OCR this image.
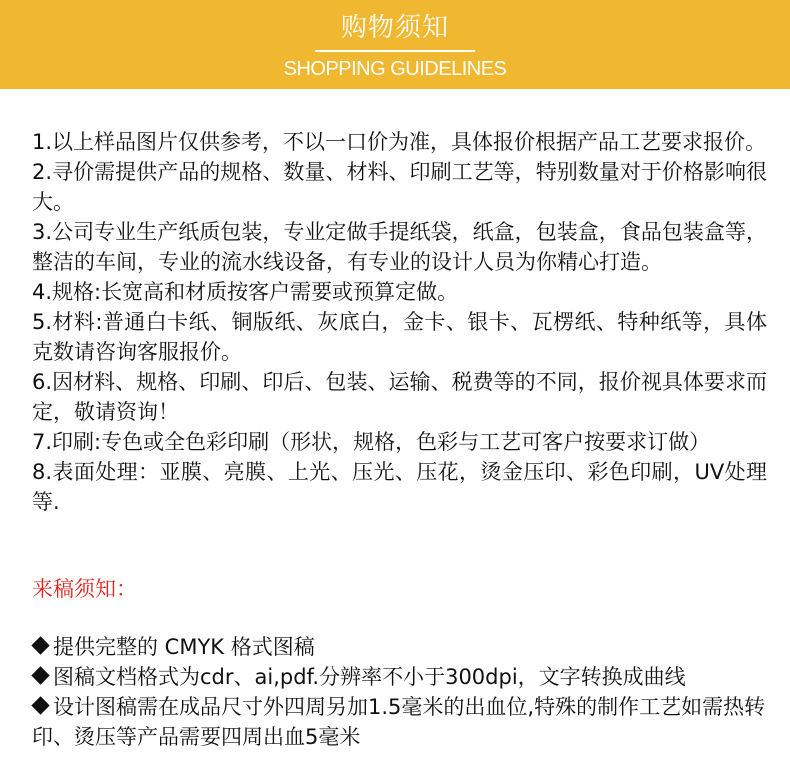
购物须知
SHOPPING GUIDELINES
1.以上样品图片仅供参考，不以一口价为准，具体报价根据产品工艺要求报价。
2.寻价需提供产品的规格、数量、材料、印刷工艺等，特别数量对于价格影响很大。
3.公司专业生产纸质包装，专业定做手提纸袋，纸盒，包装盒，食品包装盒等，整洁的车间，专业的流水线设备，有专业的设计人员为你精心打造。
4.规格:长宽高和材质按客户需要或预算定做。
5.材料:普通白卡纸、铜版纸、灰底白，金卡、银卡、瓦楞纸、特种纸等，具体克数请咨询客服报价。
6.因材料、规格、印刷、印后、包装、运输、税费等的不同，报价视具体要求而定，敬请资询！
7.印刷:专色或全色彩印刷（形状，规格，色彩与工艺可客户按要求订做）
8.表面处理：亚膜、亮膜、上光、压光、压花，烫金压印、彩色印刷，UV处理等.
来稿须知：
提供完整的 CMYK 格式图稿
图稿文档格式为cdr、ai,pdf.分辨率不小于300dpi，文字转换成曲线
设计图稿需在成品尺寸外四周另加1.5毫米的出血位,特殊的制作工艺如需热转印、烫压等产品需要四周出血5毫米
